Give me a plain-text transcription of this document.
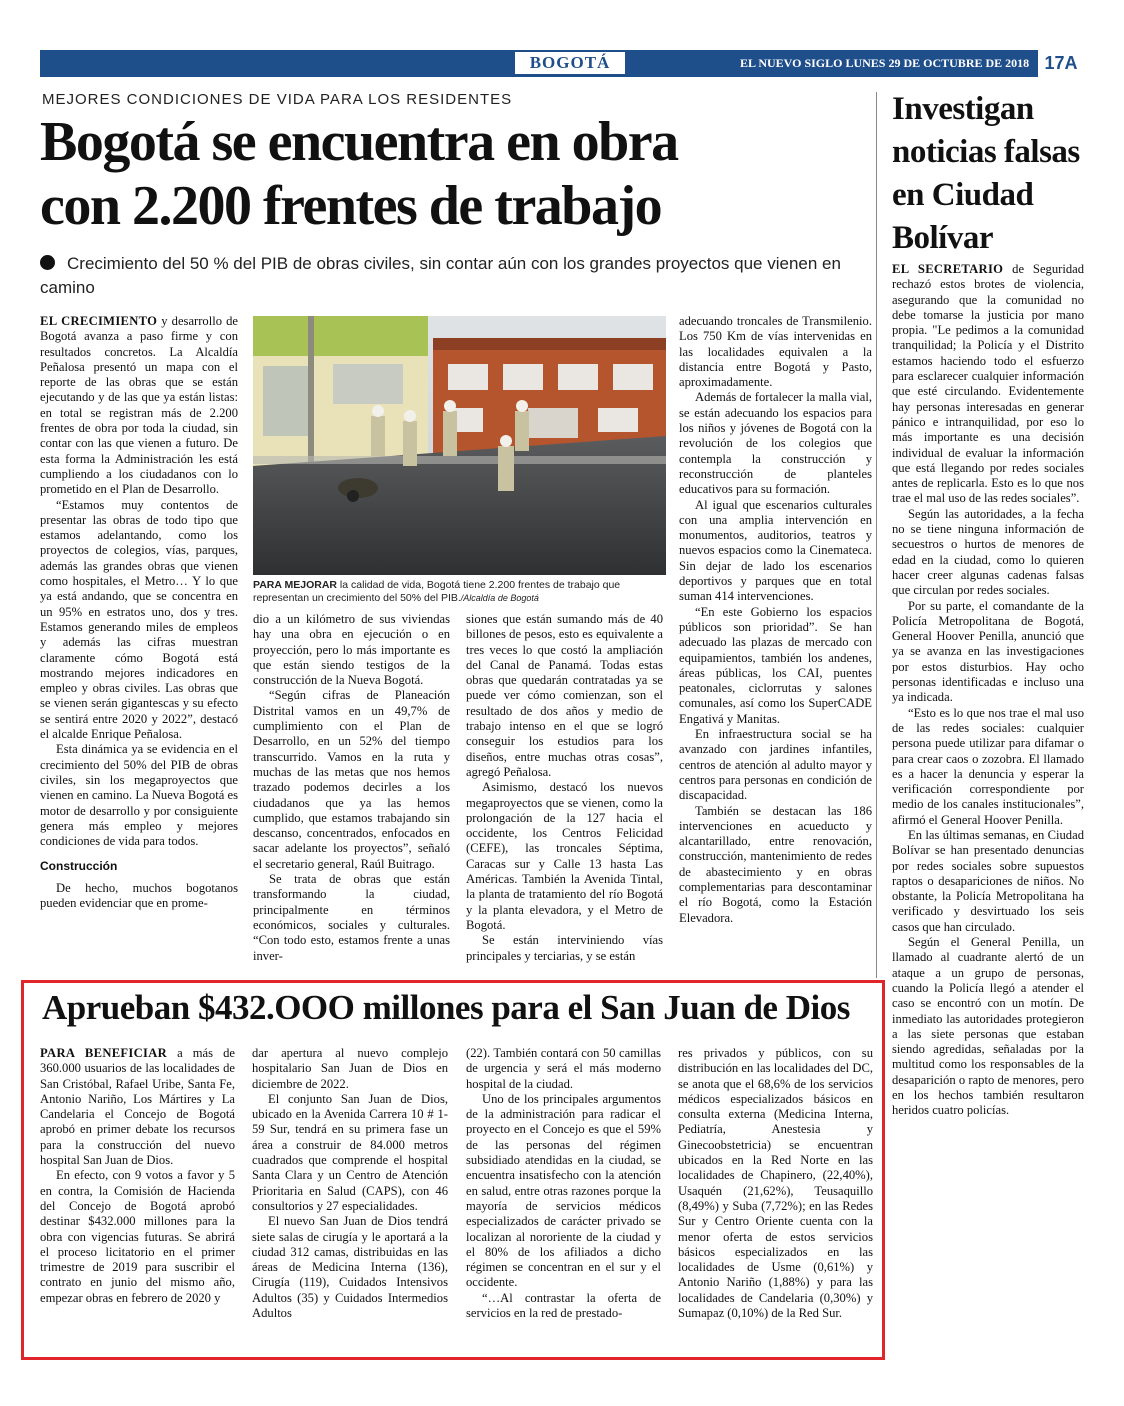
BOGOTÁ	EL NUEVO SIGLO LUNES 29 DE OCTUBRE DE 2018 17A
MEJORES CONDICIONES DE VIDA PARA LOS RESIDENTES
Bogotá se encuentra en obra
con 2.200 frentes de trabajo
Crecimiento del 50 % del PIB de obras civiles, sin contar aún con los grandes proyectos que vienen en camino

EL CRECIMIENTO y desarrollo de Bogotá avanza a paso firme y con resultados concretos. La Alcaldía Peñalosa presentó un mapa con el reporte de las obras que se están ejecutando y de las que ya están listas: en total se registran más de 2.200 frentes de obra por toda la ciudad, sin contar con las que vienen a futuro. De esta forma la Administración les está cumpliendo a los ciudadanos con lo prometido en el Plan de Desarrollo.

“Estamos muy contentos de presentar las obras de todo tipo que estamos adelantando, como los proyectos de colegios, vías, parques, además las grandes obras que vienen como hospitales, el Metro… Y lo que ya está andando, que se concentra en un 95% en estratos uno, dos y tres. Estamos generando miles de empleos y además las cifras muestran claramente cómo Bogotá está mostrando mejores indicadores en empleo y obras civiles. Las obras que se vienen serán gigantescas y su efecto se sentirá entre 2020 y 2022”, destacó el alcalde Enrique Peñalosa.

Esta dinámica ya se evidencia en el crecimiento del 50% del PIB de obras civiles, sin los megaproyectos que vienen en camino. La Nueva Bogotá es motor de desarrollo y por consiguiente genera más empleo y mejores condiciones de vida para todos.

Construcción

De hecho, muchos bogotanos pueden evidenciar que en prome-

PARA MEJORAR la calidad de vida, Bogotá tiene 2.200 frentes de trabajo que representan un crecimiento del 50% del PIB./Alcaldía de Bogotá

dio a un kilómetro de sus viviendas hay una obra en ejecución o en proyección, pero lo más importante es que están siendo testigos de la construcción de la Nueva Bogotá.

“Según cifras de Planeación Distrital vamos en un 49,7% de cumplimiento con el Plan de Desarrollo, en un 52% del tiempo transcurrido. Vamos en la ruta y muchas de las metas que nos hemos trazado podemos decirles a los ciudadanos que ya las hemos cumplido, que estamos trabajando sin descanso, concentrados, enfocados en sacar adelante los proyectos”, señaló el secretario general, Raúl Buitrago.

Se trata de obras que están transformando la ciudad, principalmente en términos económicos, sociales y culturales. “Con todo esto, estamos frente a unas inver-

siones que están sumando más de 40 billones de pesos, esto es equivalente a tres veces lo que costó la ampliación del Canal de Panamá. Todas estas obras que quedarán contratadas ya se puede ver cómo comienzan, son el resultado de dos años y medio de trabajo intenso en el que se logró conseguir los estudios para los diseños, entre muchas otras cosas”, agregó Peñalosa.

Asimismo, destacó los nuevos megaproyectos que se vienen, como la prolongación de la 127 hacia el occidente, los Centros Felicidad (CEFE), las troncales Séptima, Caracas sur y Calle 13 hasta Las Américas. También la Avenida Tintal, la planta de tratamiento del río Bogotá y la planta elevadora, y el Metro de Bogotá.

Se están interviniendo vías principales y terciarias, y se están

adecuando troncales de Transmilenio. Los 750 Km de vías intervenidas en las localidades equivalen a la distancia entre Bogotá y Pasto, aproximadamente.

Además de fortalecer la malla vial, se están adecuando los espacios para los niños y jóvenes de Bogotá con la revolución de los colegios que contempla la construcción y reconstrucción de planteles educativos para su formación.

Al igual que escenarios culturales con una amplia intervención en monumentos, auditorios, teatros y nuevos espacios como la Cinemateca. Sin dejar de lado los escenarios deportivos y parques que en total suman 414 intervenciones.

“En este Gobierno los espacios públicos son prioridad”. Se han adecuado las plazas de mercado con equipamientos, también los andenes, áreas públicas, los CAI, puentes peatonales, ciclorrutas y salones comunales, así como los SuperCADE Engativá y Manitas.

En infraestructura social se ha avanzado con jardines infantiles, centros de atención al adulto mayor y centros para personas en condición de discapacidad.

También se destacan las 186 intervenciones en acueducto y alcantarillado, entre renovación, construcción, mantenimiento de redes de abastecimiento y en obras complementarias para descontaminar el río Bogotá, como la Estación Elevadora.

Investigan noticias falsas en Ciudad Bolívar

EL SECRETARIO de Seguridad rechazó estos brotes de violencia, asegurando que la comunidad no debe tomarse la justicia por mano propia. "Le pedimos a la comunidad tranquilidad; la Policía y el Distrito estamos haciendo todo el esfuerzo para esclarecer cualquier información que esté circulando. Evidentemente hay personas interesadas en generar pánico e intranquilidad, por eso lo más importante es una decisión individual de evaluar la información que está llegando por redes sociales antes de replicarla. Esto es lo que nos trae el mal uso de las redes sociales”.

Según las autoridades, a la fecha no se tiene ninguna información de secuestros o hurtos de menores de edad en la ciudad, como lo quieren hacer creer algunas cadenas falsas que circulan por redes sociales.

Por su parte, el comandante de la Policía Metropolitana de Bogotá, General Hoover Penilla, anunció que ya se avanza en las investigaciones por estos disturbios. Hay ocho personas identificadas e incluso una ya indicada.

“Esto es lo que nos trae el mal uso de las redes sociales: cualquier persona puede utilizar para difamar o para crear caos o zozobra. El llamado es a hacer la denuncia y esperar la verificación correspondiente por medio de los canales institucionales”, afirmó el General Hoover Penilla.

En las últimas semanas, en Ciudad Bolívar se han presentado denuncias por redes sociales sobre supuestos raptos o desapariciones de niños. No obstante, la Policía Metropolitana ha verificado y desvirtuado los seis casos que han circulado.

Según el General Penilla, un llamado al cuadrante alertó de un ataque a un grupo de personas, cuando la Policía llegó a atender el caso se encontró con un motín. De inmediato las autoridades protegieron a las siete personas que estaban siendo agredidas, señaladas por la multitud como los responsables de la desaparición o rapto de menores, pero en los hechos también resultaron heridos cuatro policías.

Aprueban $432.OOO millones para el San Juan de Dios

PARA BENEFICIAR a más de 360.000 usuarios de las localidades de San Cristóbal, Rafael Uribe, Santa Fe, Antonio Nariño, Los Mártires y La Candelaria el Concejo de Bogotá aprobó en primer debate los recursos para la construcción del nuevo hospital San Juan de Dios.

En efecto, con 9 votos a favor y 5 en contra, la Comisión de Hacienda del Concejo de Bogotá aprobó destinar $432.000 millones para la obra con vigencias futuras. Se abrirá el proceso licitatorio en el primer trimestre de 2019 para suscribir el contrato en junio del mismo año, empezar obras en febrero de 2020 y

dar apertura al nuevo complejo hospitalario San Juan de Dios en diciembre de 2022.

El conjunto San Juan de Dios, ubicado en la Avenida Carrera 10 # 1-59 Sur, tendrá en su primera fase un área a construir de 84.000 metros cuadrados que comprende el hospital Santa Clara y un Centro de Atención Prioritaria en Salud (CAPS), con 46 consultorios y 27 especialidades.

El nuevo San Juan de Dios tendrá siete salas de cirugía y le aportará a la ciudad 312 camas, distribuidas en las áreas de Medicina Interna (136), Cirugía (119), Cuidados Intensivos Adultos (35) y Cuidados Intermedios Adultos

(22). También contará con 50 camillas de urgencia y será el más moderno hospital de la ciudad.

Uno de los principales argumentos de la administración para radicar el proyecto en el Concejo es que el 59% de las personas del régimen subsidiado atendidas en la ciudad, se encuentra insatisfecho con la atención en salud, entre otras razones porque la mayoría de servicios médicos especializados de carácter privado se localizan al nororiente de la ciudad y el 80% de los afiliados a dicho régimen se concentran en el sur y el occidente.

“…Al contrastar la oferta de servicios en la red de prestado-

res privados y públicos, con su distribución en las localidades del DC, se anota que el 68,6% de los servicios médicos especializados básicos en consulta externa (Medicina Interna, Pediatría, Anestesia y Ginecoobstetricia) se encuentran ubicados en la Red Norte en las localidades de Chapinero, (22,40%), Usaquén (21,62%), Teusaquillo (8,49%) y Suba (7,72%); en las Redes Sur y Centro Oriente cuenta con la menor oferta de estos servicios básicos especializados en las localidades de Usme (0,61%) y Antonio Nariño (1,88%) y para las localidades de Candelaria (0,30%) y Sumapaz (0,10%) de la Red Sur.
